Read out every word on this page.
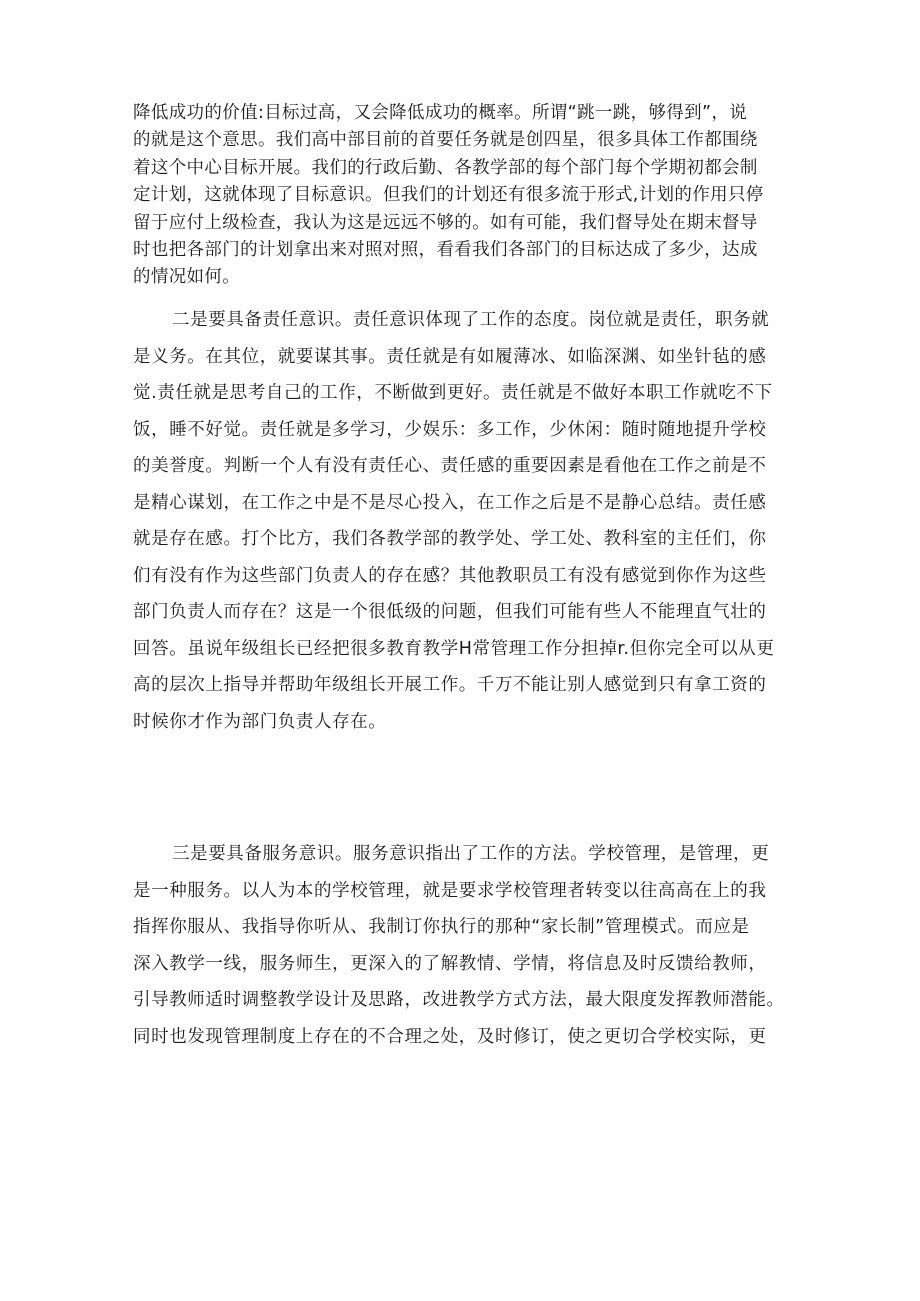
降低成功的价值:目标过高，又会降低成功的概率。所谓“跳一跳，够得到”，说
的就是这个意思。我们高中部目前的首要任务就是创四星，很多具体工作都围绕
着这个中心目标开展。我们的行政后勤、各教学部的每个部门每个学期初都会制
定计划，这就体现了目标意识。但我们的计划还有很多流于形式,计划的作用只停
留于应付上级检查，我认为这是远远不够的。如有可能，我们督导处在期末督导
时也把各部门的计划拿出来对照对照，看看我们各部门的目标达成了多少，达成
的情况如何。

二是要具备责任意识。责任意识体现了工作的态度。岗位就是责任，职务就
是义务。在其位，就要谋其事。责任就是有如履薄冰、如临深渊、如坐针毡的感
觉.责任就是思考自己的工作，不断做到更好。责任就是不做好本职工作就吃不下
饭，睡不好觉。责任就是多学习，少娱乐：多工作，少休闲：随时随地提升学校
的美誉度。判断一个人有没有责任心、责任感的重要因素是看他在工作之前是不
是精心谋划，在工作之中是不是尽心投入，在工作之后是不是静心总结。责任感
就是存在感。打个比方，我们各教学部的教学处、学工处、教科室的主任们，你
们有没有作为这些部门负责人的存在感？其他教职员工有没有感觉到你作为这些
部门负责人而存在？这是一个很低级的问题，但我们可能有些人不能理直气壮的
回答。虽说年级组长已经把很多教育教学H常管理工作分担掉r.但你完全可以从更
高的层次上指导并帮助年级组长开展工作。千万不能让别人感觉到只有拿工资的
时候你才作为部门负责人存在。

三是要具备服务意识。服务意识指出了工作的方法。学校管理，是管理，更
是一种服务。以人为本的学校管理，就是要求学校管理者转变以往高高在上的我
指挥你服从、我指导你听从、我制订你执行的那种“家长制”管理模式。而应是
深入教学一线，服务师生，更深入的了解教情、学情，将信息及时反馈给教师，
引导教师适时调整教学设计及思路，改进教学方式方法，最大限度发挥教师潜能。
同时也发现管理制度上存在的不合理之处，及时修订，使之更切合学校实际，更
